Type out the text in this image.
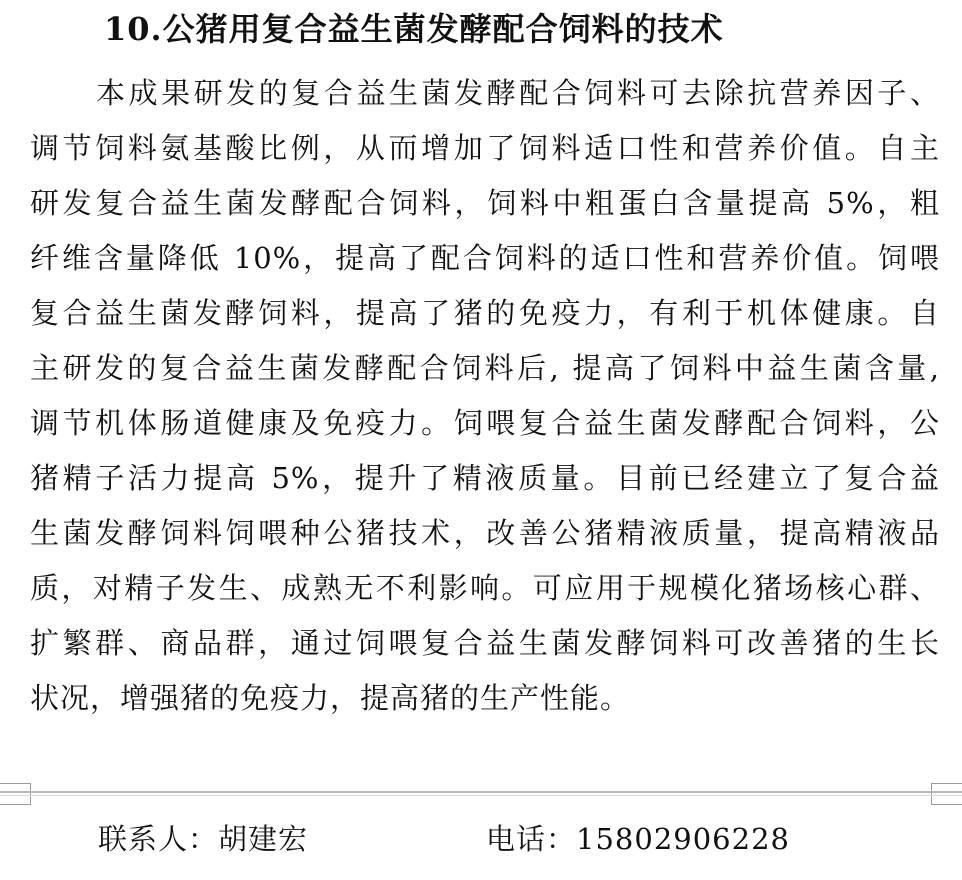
10.公猪用复合益生菌发酵配合饲料的技术
本成果研发的复合益生菌发酵配合饲料可去除抗营养因子、
调节饲料氨基酸比例，从而增加了饲料适口性和营养价值。自主
研发复合益生菌发酵配合饲料，饲料中粗蛋白含量提高 5%，粗
纤维含量降低 10%，提高了配合饲料的适口性和营养价值。饲喂
复合益生菌发酵饲料，提高了猪的免疫力，有利于机体健康。自
主研发的复合益生菌发酵配合饲料后, 提高了饲料中益生菌含量,
调节机体肠道健康及免疫力。饲喂复合益生菌发酵配合饲料，公
猪精子活力提高 5%，提升了精液质量。目前已经建立了复合益
生菌发酵饲料饲喂种公猪技术，改善公猪精液质量，提高精液品
质，对精子发生、成熟无不利影响。可应用于规模化猪场核心群、
扩繁群、商品群，通过饲喂复合益生菌发酵饲料可改善猪的生长
状况，增强猪的免疫力，提高猪的生产性能。
联系人：胡建宏	电话：15802906228
